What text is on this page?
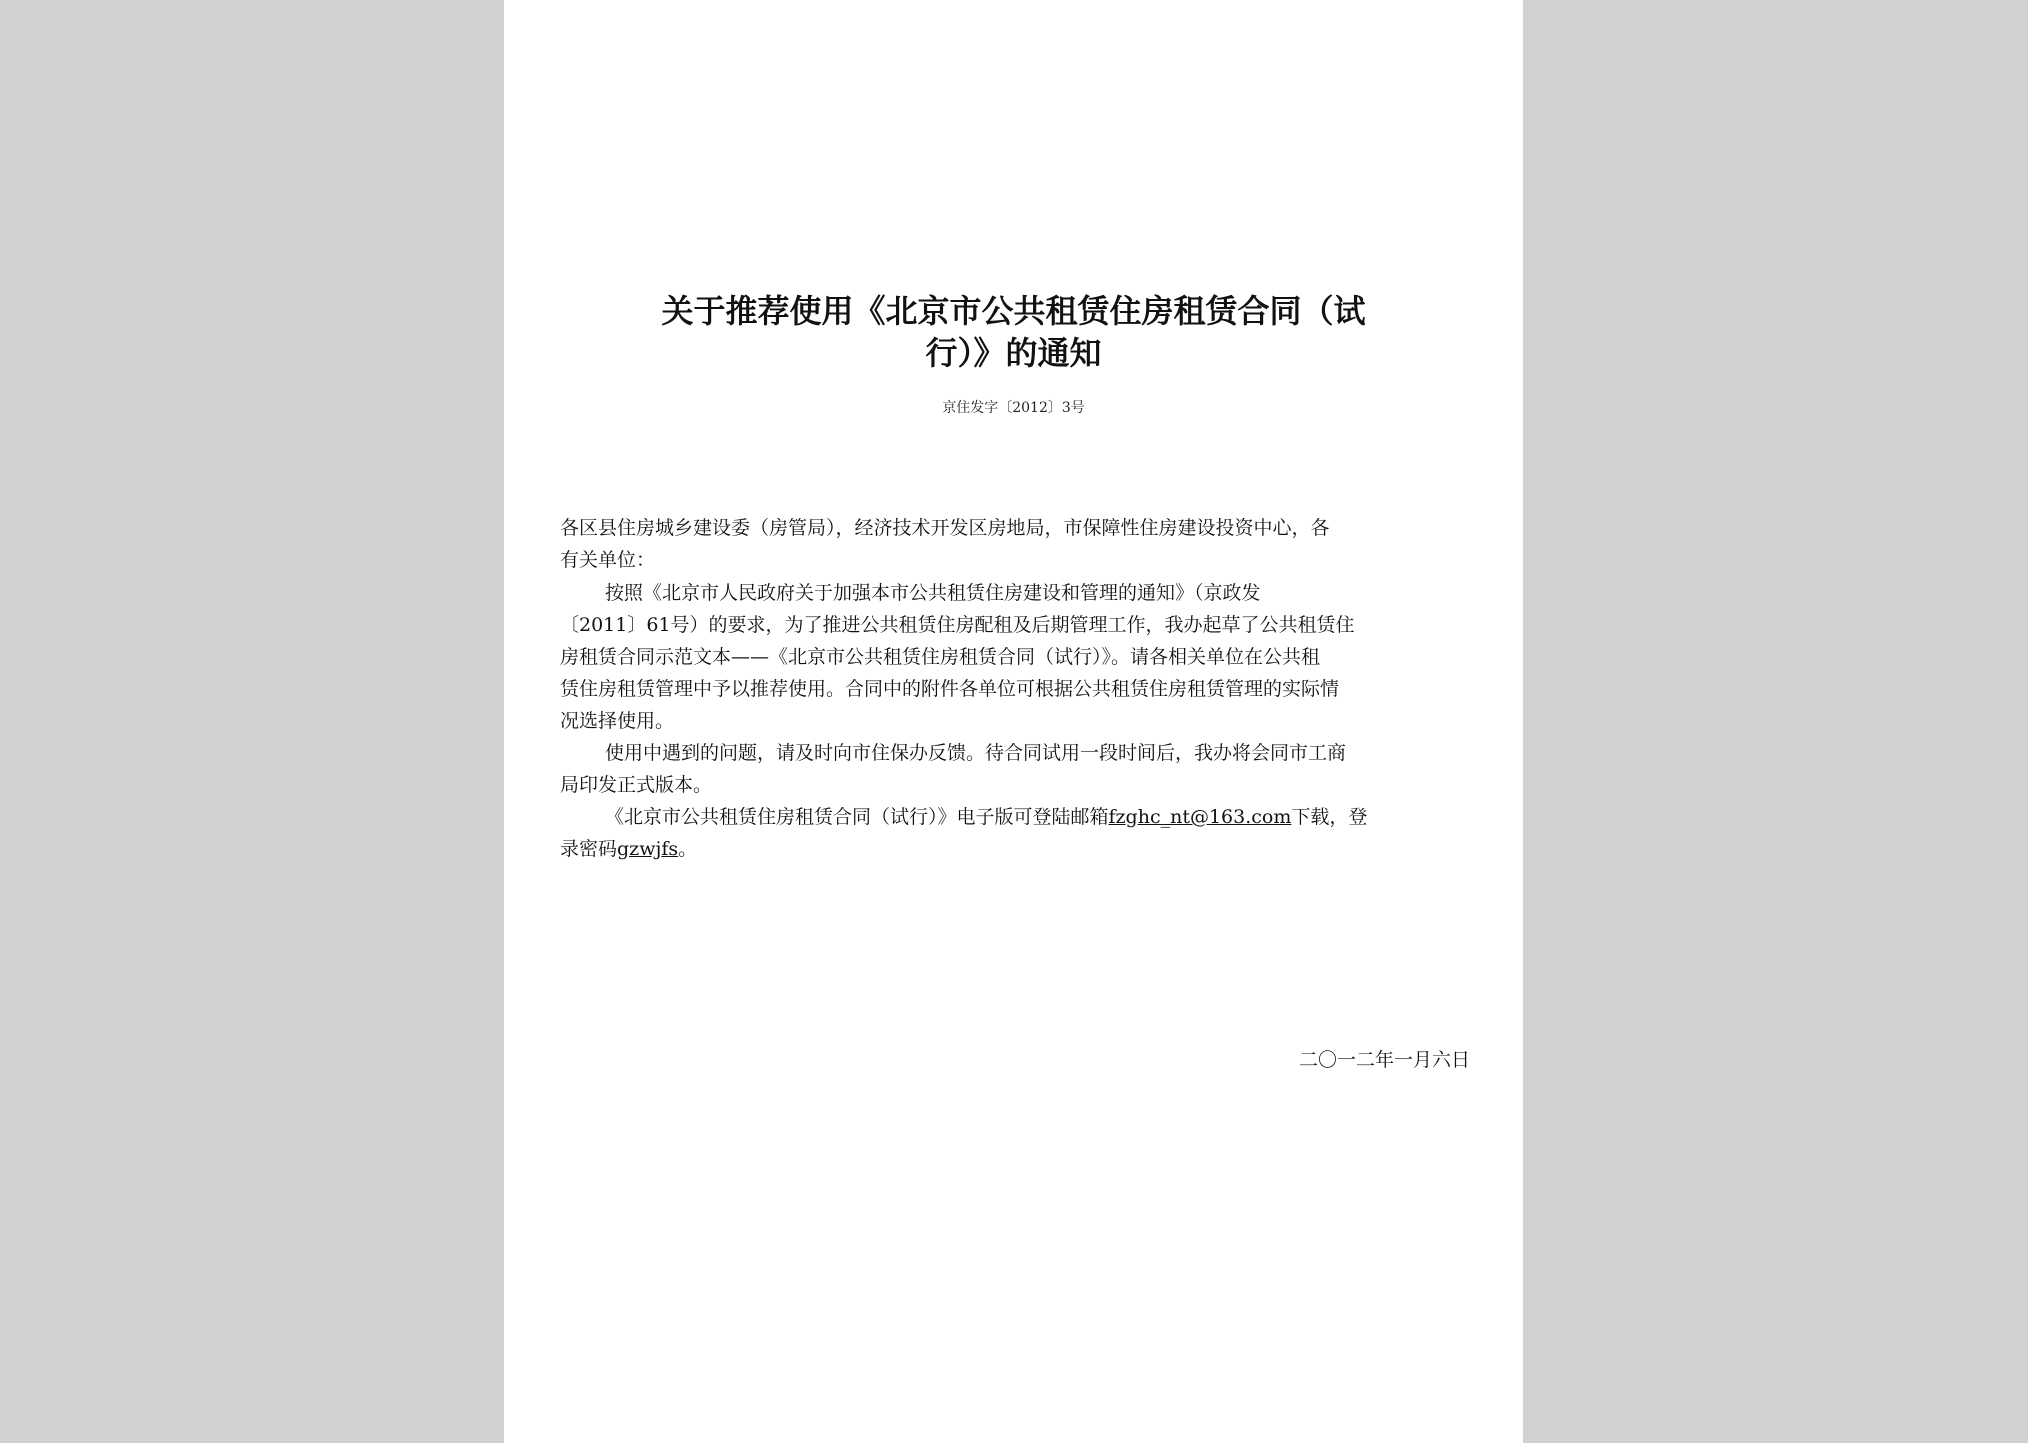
关于推荐使用《北京市公共租赁住房租赁合同（试
行）》的通知
京住发字〔2012〕3号
各区县住房城乡建设委（房管局），经济技术开发区房地局，市保障性住房建设投资中心，各
有关单位：
按照《北京市人民政府关于加强本市公共租赁住房建设和管理的通知》（京政发
〔2011〕61号）的要求，为了推进公共租赁住房配租及后期管理工作，我办起草了公共租赁住
房租赁合同示范文本——《北京市公共租赁住房租赁合同（试行）》。请各相关单位在公共租
赁住房租赁管理中予以推荐使用。合同中的附件各单位可根据公共租赁住房租赁管理的实际情
况选择使用。
使用中遇到的问题，请及时向市住保办反馈。待合同试用一段时间后，我办将会同市工商
局印发正式版本。
《北京市公共租赁住房租赁合同（试行）》电子版可登陆邮箱fzghc_nt@163.com下载，登
录密码gzwjfs。
二〇一二年一月六日
